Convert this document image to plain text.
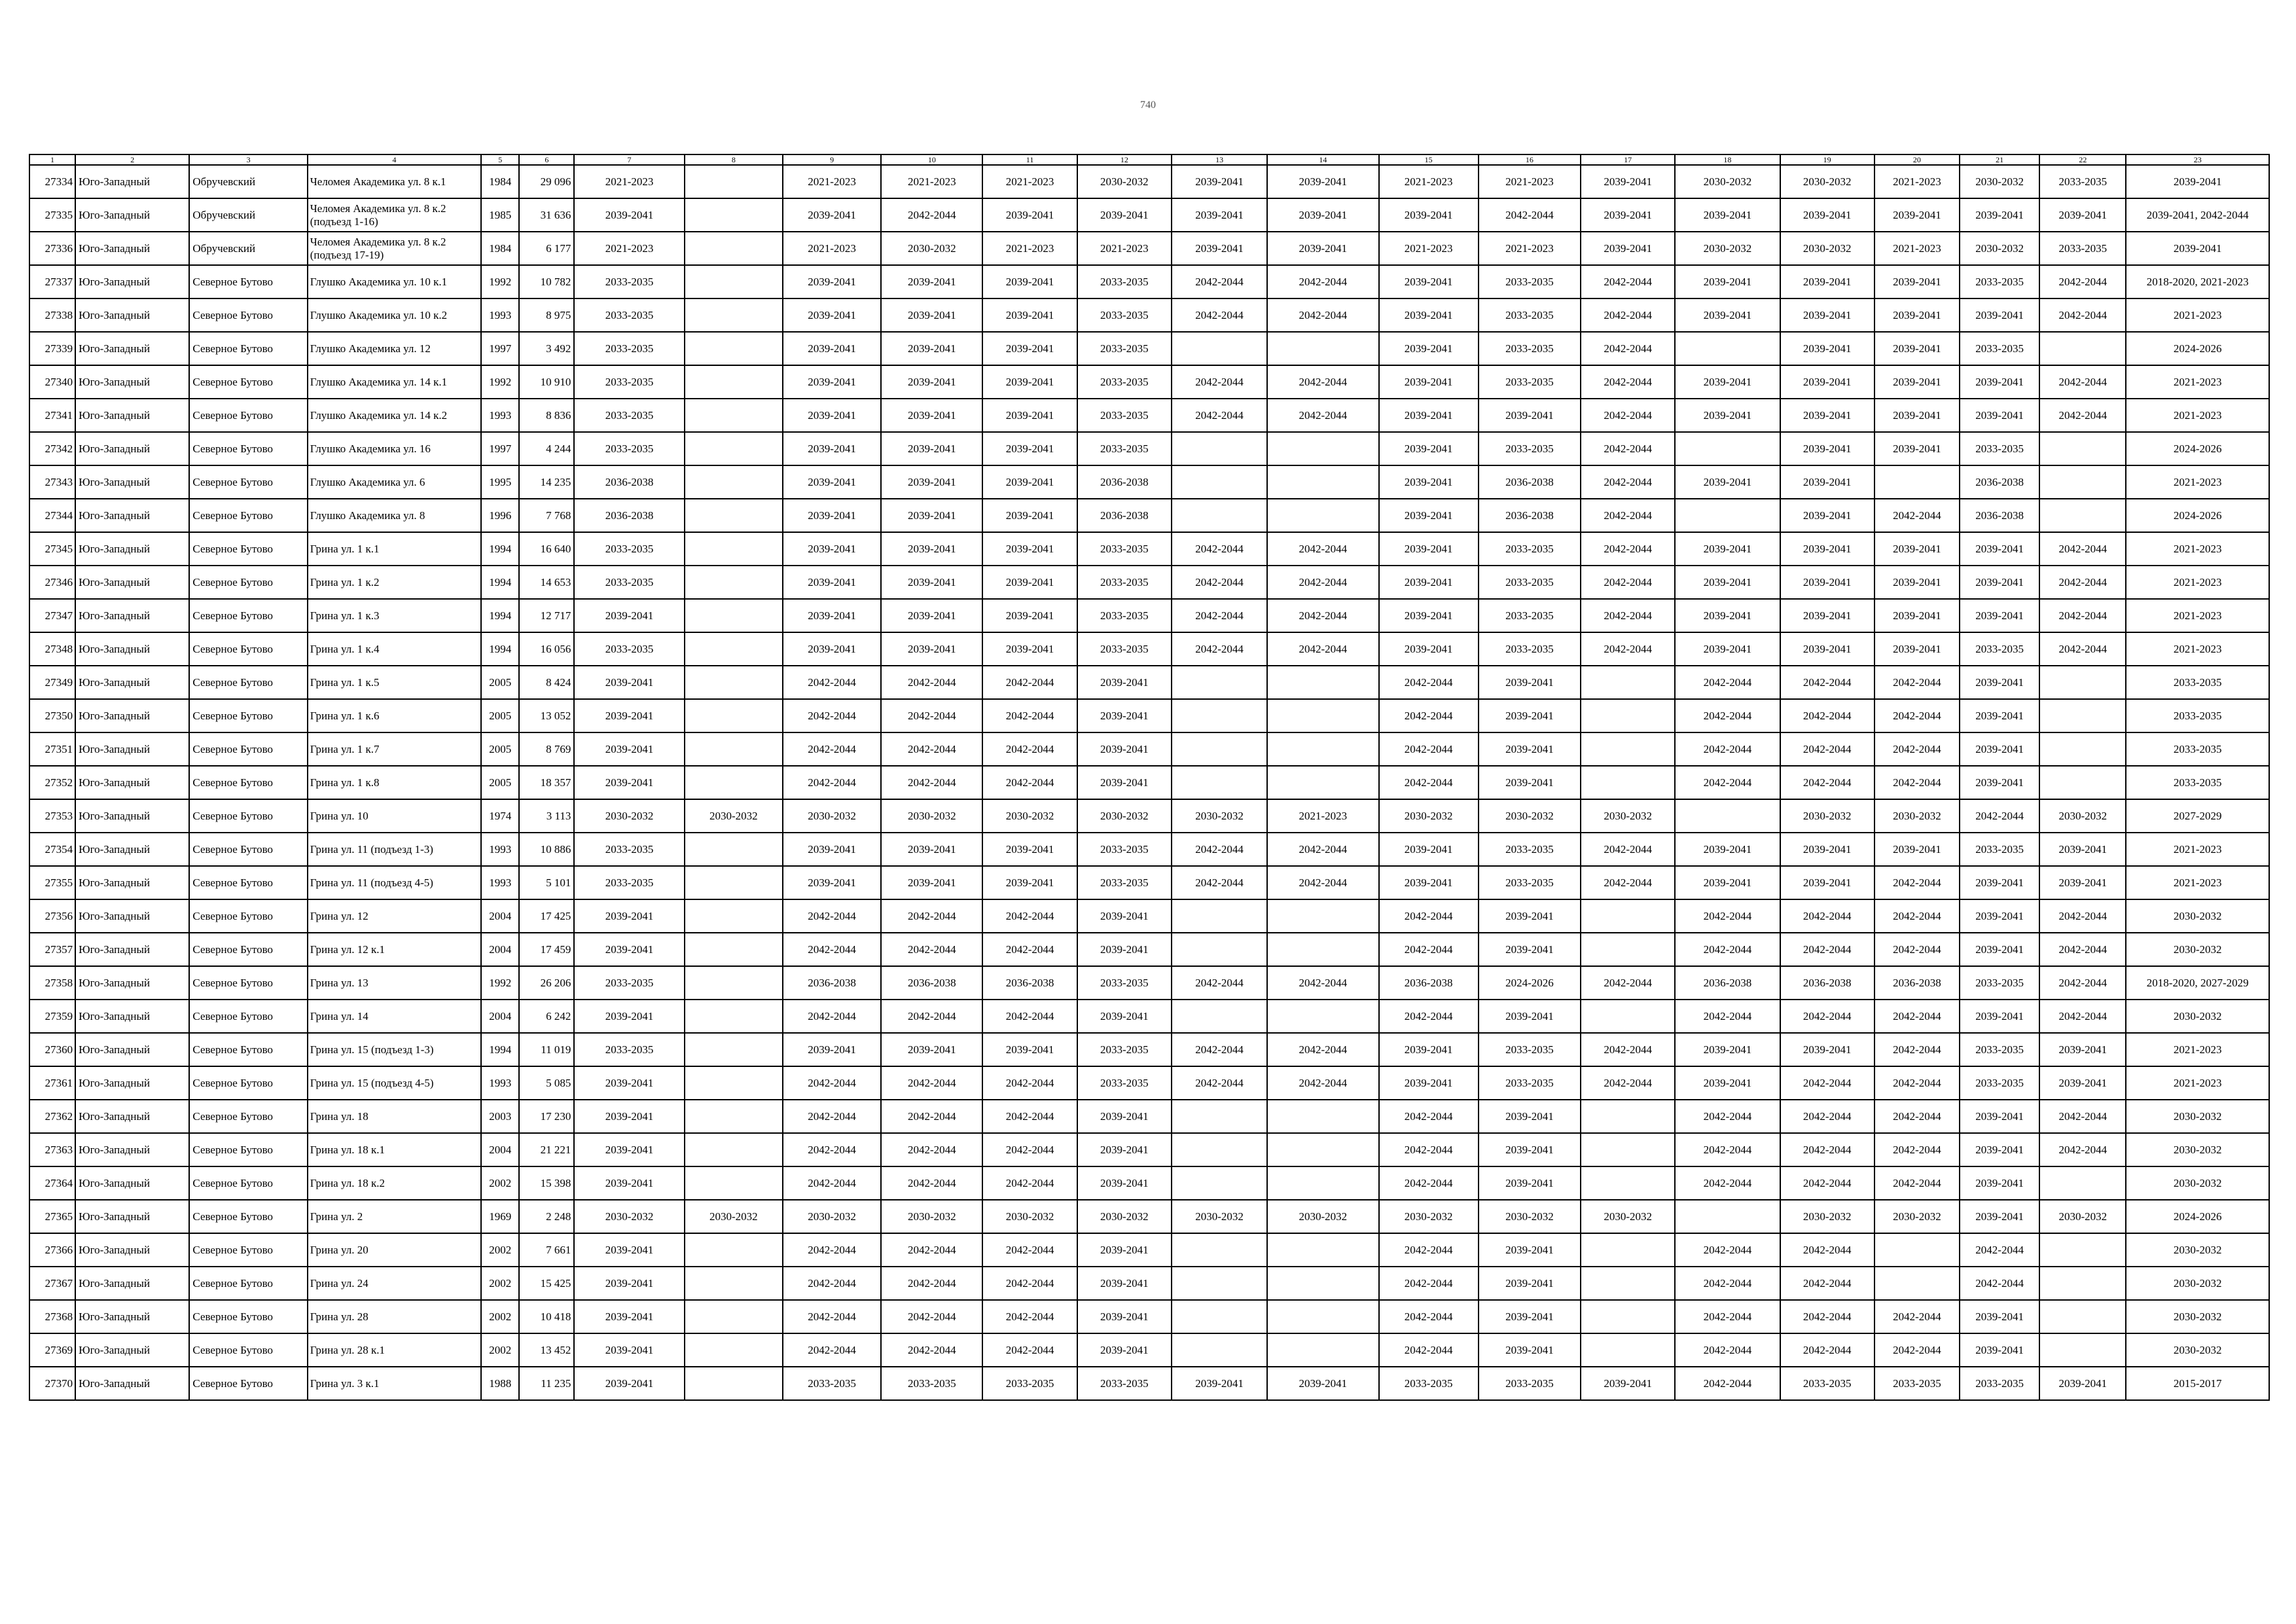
740
1	2	3	4	5	6	7	8	9	10	11	12	13	14	15	16	17	18	19	20	21	22	23
27334	Юго-Западный	Обручевский	Челомея Академика ул. 8 к.1	1984	29 096	2021-2023		2021-2023	2021-2023	2021-2023	2030-2032	2039-2041	2039-2041	2021-2023	2021-2023	2039-2041	2030-2032	2030-2032	2021-2023	2030-2032	2033-2035	2039-2041
27335	Юго-Западный	Обручевский	Челомея Академика ул. 8 к.2 (подъезд 1-16)	1985	31 636	2039-2041		2039-2041	2042-2044	2039-2041	2039-2041	2039-2041	2039-2041	2039-2041	2042-2044	2039-2041	2039-2041	2039-2041	2039-2041	2039-2041	2039-2041	2039-2041, 2042-2044
27336	Юго-Западный	Обручевский	Челомея Академика ул. 8 к.2 (подъезд 17-19)	1984	6 177	2021-2023		2021-2023	2030-2032	2021-2023	2021-2023	2039-2041	2039-2041	2021-2023	2021-2023	2039-2041	2030-2032	2030-2032	2021-2023	2030-2032	2033-2035	2039-2041
27337	Юго-Западный	Северное Бутово	Глушко Академика ул. 10 к.1	1992	10 782	2033-2035		2039-2041	2039-2041	2039-2041	2033-2035	2042-2044	2042-2044	2039-2041	2033-2035	2042-2044	2039-2041	2039-2041	2039-2041	2033-2035	2042-2044	2018-2020, 2021-2023
27338	Юго-Западный	Северное Бутово	Глушко Академика ул. 10 к.2	1993	8 975	2033-2035		2039-2041	2039-2041	2039-2041	2033-2035	2042-2044	2042-2044	2039-2041	2033-2035	2042-2044	2039-2041	2039-2041	2039-2041	2039-2041	2042-2044	2021-2023
27339	Юго-Западный	Северное Бутово	Глушко Академика ул. 12	1997	3 492	2033-2035		2039-2041	2039-2041	2039-2041	2033-2035			2039-2041	2033-2035	2042-2044		2039-2041	2039-2041	2033-2035		2024-2026
27340	Юго-Западный	Северное Бутово	Глушко Академика ул. 14 к.1	1992	10 910	2033-2035		2039-2041	2039-2041	2039-2041	2033-2035	2042-2044	2042-2044	2039-2041	2033-2035	2042-2044	2039-2041	2039-2041	2039-2041	2039-2041	2042-2044	2021-2023
27341	Юго-Западный	Северное Бутово	Глушко Академика ул. 14 к.2	1993	8 836	2033-2035		2039-2041	2039-2041	2039-2041	2033-2035	2042-2044	2042-2044	2039-2041	2039-2041	2042-2044	2039-2041	2039-2041	2039-2041	2039-2041	2042-2044	2021-2023
27342	Юго-Западный	Северное Бутово	Глушко Академика ул. 16	1997	4 244	2033-2035		2039-2041	2039-2041	2039-2041	2033-2035			2039-2041	2033-2035	2042-2044		2039-2041	2039-2041	2033-2035		2024-2026
27343	Юго-Западный	Северное Бутово	Глушко Академика ул. 6	1995	14 235	2036-2038		2039-2041	2039-2041	2039-2041	2036-2038			2039-2041	2036-2038	2042-2044	2039-2041	2039-2041		2036-2038		2021-2023
27344	Юго-Западный	Северное Бутово	Глушко Академика ул. 8	1996	7 768	2036-2038		2039-2041	2039-2041	2039-2041	2036-2038			2039-2041	2036-2038	2042-2044		2039-2041	2042-2044	2036-2038		2024-2026
27345	Юго-Западный	Северное Бутово	Грина ул. 1 к.1	1994	16 640	2033-2035		2039-2041	2039-2041	2039-2041	2033-2035	2042-2044	2042-2044	2039-2041	2033-2035	2042-2044	2039-2041	2039-2041	2039-2041	2039-2041	2042-2044	2021-2023
27346	Юго-Западный	Северное Бутово	Грина ул. 1 к.2	1994	14 653	2033-2035		2039-2041	2039-2041	2039-2041	2033-2035	2042-2044	2042-2044	2039-2041	2033-2035	2042-2044	2039-2041	2039-2041	2039-2041	2039-2041	2042-2044	2021-2023
27347	Юго-Западный	Северное Бутово	Грина ул. 1 к.3	1994	12 717	2039-2041		2039-2041	2039-2041	2039-2041	2033-2035	2042-2044	2042-2044	2039-2041	2033-2035	2042-2044	2039-2041	2039-2041	2039-2041	2039-2041	2042-2044	2021-2023
27348	Юго-Западный	Северное Бутово	Грина ул. 1 к.4	1994	16 056	2033-2035		2039-2041	2039-2041	2039-2041	2033-2035	2042-2044	2042-2044	2039-2041	2033-2035	2042-2044	2039-2041	2039-2041	2039-2041	2033-2035	2042-2044	2021-2023
27349	Юго-Западный	Северное Бутово	Грина ул. 1 к.5	2005	8 424	2039-2041		2042-2044	2042-2044	2042-2044	2039-2041			2042-2044	2039-2041		2042-2044	2042-2044	2042-2044	2039-2041		2033-2035
27350	Юго-Западный	Северное Бутово	Грина ул. 1 к.6	2005	13 052	2039-2041		2042-2044	2042-2044	2042-2044	2039-2041			2042-2044	2039-2041		2042-2044	2042-2044	2042-2044	2039-2041		2033-2035
27351	Юго-Западный	Северное Бутово	Грина ул. 1 к.7	2005	8 769	2039-2041		2042-2044	2042-2044	2042-2044	2039-2041			2042-2044	2039-2041		2042-2044	2042-2044	2042-2044	2039-2041		2033-2035
27352	Юго-Западный	Северное Бутово	Грина ул. 1 к.8	2005	18 357	2039-2041		2042-2044	2042-2044	2042-2044	2039-2041			2042-2044	2039-2041		2042-2044	2042-2044	2042-2044	2039-2041		2033-2035
27353	Юго-Западный	Северное Бутово	Грина ул. 10	1974	3 113	2030-2032	2030-2032	2030-2032	2030-2032	2030-2032	2030-2032	2030-2032	2021-2023	2030-2032	2030-2032	2030-2032		2030-2032	2030-2032	2042-2044	2030-2032	2027-2029
27354	Юго-Западный	Северное Бутово	Грина ул. 11 (подъезд 1-3)	1993	10 886	2033-2035		2039-2041	2039-2041	2039-2041	2033-2035	2042-2044	2042-2044	2039-2041	2033-2035	2042-2044	2039-2041	2039-2041	2039-2041	2033-2035	2039-2041	2021-2023
27355	Юго-Западный	Северное Бутово	Грина ул. 11 (подъезд 4-5)	1993	5 101	2033-2035		2039-2041	2039-2041	2039-2041	2033-2035	2042-2044	2042-2044	2039-2041	2033-2035	2042-2044	2039-2041	2039-2041	2042-2044	2039-2041	2039-2041	2021-2023
27356	Юго-Западный	Северное Бутово	Грина ул. 12	2004	17 425	2039-2041		2042-2044	2042-2044	2042-2044	2039-2041			2042-2044	2039-2041		2042-2044	2042-2044	2042-2044	2039-2041	2042-2044	2030-2032
27357	Юго-Западный	Северное Бутово	Грина ул. 12 к.1	2004	17 459	2039-2041		2042-2044	2042-2044	2042-2044	2039-2041			2042-2044	2039-2041		2042-2044	2042-2044	2042-2044	2039-2041	2042-2044	2030-2032
27358	Юго-Западный	Северное Бутово	Грина ул. 13	1992	26 206	2033-2035		2036-2038	2036-2038	2036-2038	2033-2035	2042-2044	2042-2044	2036-2038	2024-2026	2042-2044	2036-2038	2036-2038	2036-2038	2033-2035	2042-2044	2018-2020, 2027-2029
27359	Юго-Западный	Северное Бутово	Грина ул. 14	2004	6 242	2039-2041		2042-2044	2042-2044	2042-2044	2039-2041			2042-2044	2039-2041		2042-2044	2042-2044	2042-2044	2039-2041	2042-2044	2030-2032
27360	Юго-Западный	Северное Бутово	Грина ул. 15 (подъезд 1-3)	1994	11 019	2033-2035		2039-2041	2039-2041	2039-2041	2033-2035	2042-2044	2042-2044	2039-2041	2033-2035	2042-2044	2039-2041	2039-2041	2042-2044	2033-2035	2039-2041	2021-2023
27361	Юго-Западный	Северное Бутово	Грина ул. 15 (подъезд 4-5)	1993	5 085	2039-2041		2042-2044	2042-2044	2042-2044	2033-2035	2042-2044	2042-2044	2039-2041	2033-2035	2042-2044	2039-2041	2042-2044	2042-2044	2033-2035	2039-2041	2021-2023
27362	Юго-Западный	Северное Бутово	Грина ул. 18	2003	17 230	2039-2041		2042-2044	2042-2044	2042-2044	2039-2041			2042-2044	2039-2041		2042-2044	2042-2044	2042-2044	2039-2041	2042-2044	2030-2032
27363	Юго-Западный	Северное Бутово	Грина ул. 18 к.1	2004	21 221	2039-2041		2042-2044	2042-2044	2042-2044	2039-2041			2042-2044	2039-2041		2042-2044	2042-2044	2042-2044	2039-2041	2042-2044	2030-2032
27364	Юго-Западный	Северное Бутово	Грина ул. 18 к.2	2002	15 398	2039-2041		2042-2044	2042-2044	2042-2044	2039-2041			2042-2044	2039-2041		2042-2044	2042-2044	2042-2044	2039-2041		2030-2032
27365	Юго-Западный	Северное Бутово	Грина ул. 2	1969	2 248	2030-2032	2030-2032	2030-2032	2030-2032	2030-2032	2030-2032	2030-2032	2030-2032	2030-2032	2030-2032	2030-2032		2030-2032	2030-2032	2039-2041	2030-2032	2024-2026
27366	Юго-Западный	Северное Бутово	Грина ул. 20	2002	7 661	2039-2041		2042-2044	2042-2044	2042-2044	2039-2041			2042-2044	2039-2041		2042-2044	2042-2044		2042-2044		2030-2032
27367	Юго-Западный	Северное Бутово	Грина ул. 24	2002	15 425	2039-2041		2042-2044	2042-2044	2042-2044	2039-2041			2042-2044	2039-2041		2042-2044	2042-2044		2042-2044		2030-2032
27368	Юго-Западный	Северное Бутово	Грина ул. 28	2002	10 418	2039-2041		2042-2044	2042-2044	2042-2044	2039-2041			2042-2044	2039-2041		2042-2044	2042-2044	2042-2044	2039-2041		2030-2032
27369	Юго-Западный	Северное Бутово	Грина ул. 28 к.1	2002	13 452	2039-2041		2042-2044	2042-2044	2042-2044	2039-2041			2042-2044	2039-2041		2042-2044	2042-2044	2042-2044	2039-2041		2030-2032
27370	Юго-Западный	Северное Бутово	Грина ул. 3 к.1	1988	11 235	2039-2041		2033-2035	2033-2035	2033-2035	2033-2035	2039-2041	2039-2041	2033-2035	2033-2035	2039-2041	2042-2044	2033-2035	2033-2035	2033-2035	2039-2041	2015-2017
